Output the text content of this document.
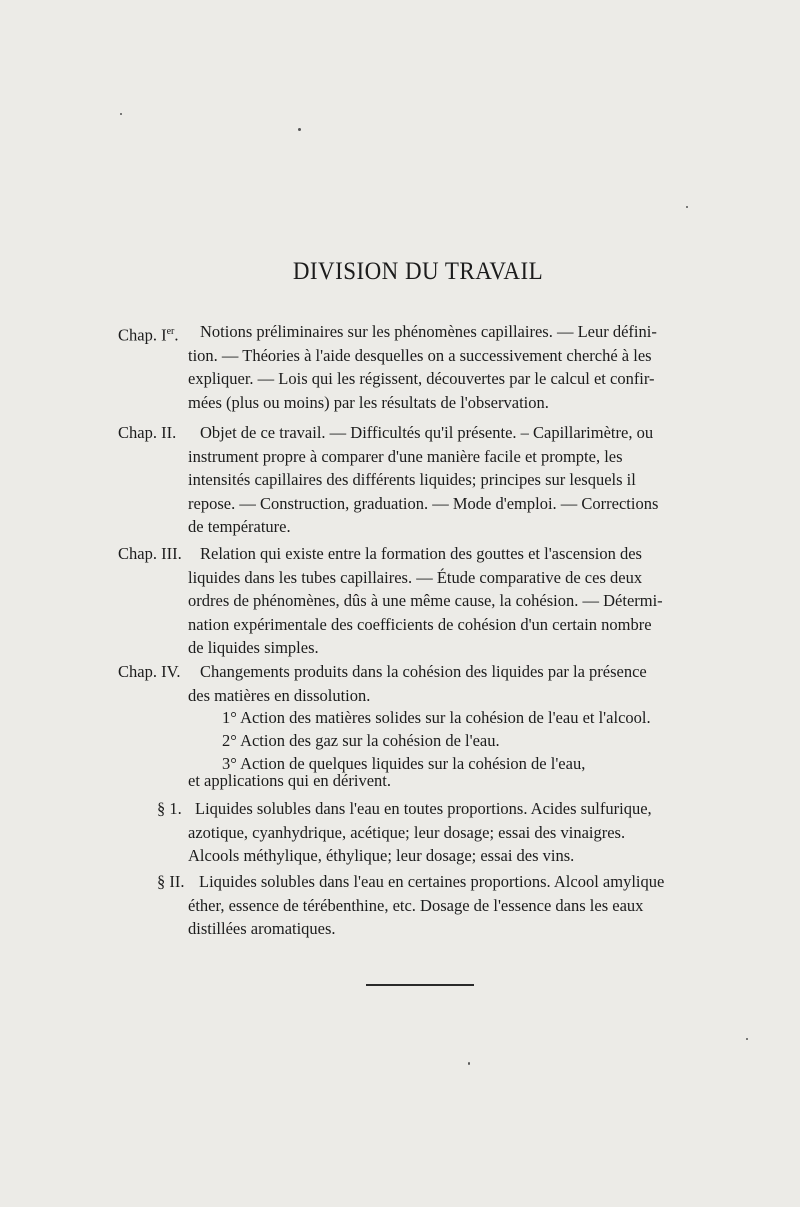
DIVISION DU TRAVAIL
Chap. Ier.	Notions préliminaires sur les phénomènes capillaires. — Leur défini-
tion. — Théories à l'aide desquelles on a successivement cherché à les
expliquer. — Lois qui les régissent, découvertes par le calcul et confir-
mées (plus ou moins) par les résultats de l'observation.
Chap. II.	Objet de ce travail. — Difficultés qu'il présente. – Capillarimètre, ou
instrument propre à comparer d'une manière facile et prompte, les
intensités capillaires des différents liquides; principes sur lesquels il
repose. — Construction, graduation. — Mode d'emploi. — Corrections
de température.
Chap. III. Relation qui existe entre la formation des gouttes et l'ascension des
liquides dans les tubes capillaires. — Étude comparative de ces deux
ordres de phénomènes, dûs à une même cause, la cohésion. — Détermi-
nation expérimentale des coefficients de cohésion d'un certain nombre
de liquides simples.
Chap. IV.	Changements produits dans la cohésion des liquides par la présence
des matières en dissolution.
1° Action des matières solides sur la cohésion de l'eau et l'alcool.
2° Action des gaz sur la cohésion de l'eau.
3° Action de quelques liquides sur la cohésion de l'eau,
et applications qui en dérivent.
§ 1. Liquides solubles dans l'eau en toutes proportions. Acides sulfurique,
azotique, cyanhydrique, acétique; leur dosage; essai des vinaigres.
Alcools méthylique, éthylique; leur dosage; essai des vins.
§ II. Liquides solubles dans l'eau en certaines proportions. Alcool amylique
éther, essence de térébenthine, etc. Dosage de l'essence dans les eaux
distillées aromatiques.
